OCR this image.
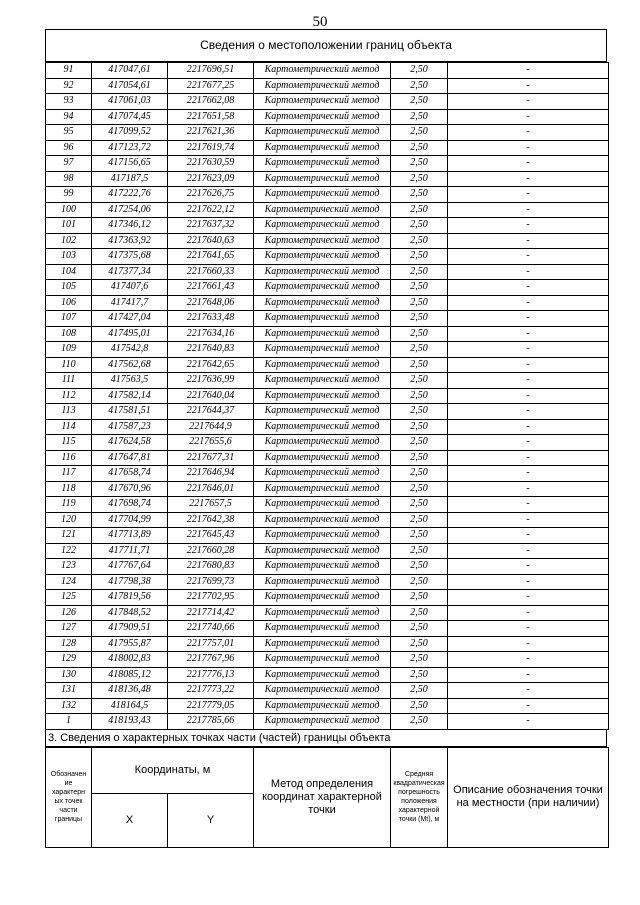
50
Сведения о местоположении границ объекта
91	417047,61	2217696,51	Картометрический метод	2,50	-
92	417054,61	2217677,25	Картометрический метод	2,50	-
93	417061,03	2217662,08	Картометрический метод	2,50	-
94	417074,45	2217651,58	Картометрический метод	2,50	-
95	417099,52	2217621,36	Картометрический метод	2,50	-
96	417123,72	2217619,74	Картометрический метод	2,50	-
97	417156,65	2217630,59	Картометрический метод	2,50	-
98	417187,5	2217623,09	Картометрический метод	2,50	-
99	417222,76	2217626,75	Картометрический метод	2,50	-
100	417254,06	2217622,12	Картометрический метод	2,50	-
101	417346,12	2217637,32	Картометрический метод	2,50	-
102	417363,92	2217640,63	Картометрический метод	2,50	-
103	417375,68	2217641,65	Картометрический метод	2,50	-
104	417377,34	2217660,33	Картометрический метод	2,50	-
105	417407,6	2217661,43	Картометрический метод	2,50	-
106	417417,7	2217648,06	Картометрический метод	2,50	-
107	417427,04	2217633,48	Картометрический метод	2,50	-
108	417495,01	2217634,16	Картометрический метод	2,50	-
109	417542,8	2217640,83	Картометрический метод	2,50	-
110	417562,68	2217642,65	Картометрический метод	2,50	-
111	417563,5	2217636,99	Картометрический метод	2,50	-
112	417582,14	2217640,04	Картометрический метод	2,50	-
113	417581,51	2217644,37	Картометрический метод	2,50	-
114	417587,23	2217644,9	Картометрический метод	2,50	-
115	417624,58	2217655,6	Картометрический метод	2,50	-
116	417647,81	2217677,31	Картометрический метод	2,50	-
117	417658,74	2217646,94	Картометрический метод	2,50	-
118	417670,96	2217646,01	Картометрический метод	2,50	-
119	417698,74	2217657,5	Картометрический метод	2,50	-
120	417704,99	2217642,38	Картометрический метод	2,50	-
121	417713,89	2217645,43	Картометрический метод	2,50	-
122	417711,71	2217660,28	Картометрический метод	2,50	-
123	417767,64	2217680,83	Картометрический метод	2,50	-
124	417798,38	2217699,73	Картометрический метод	2,50	-
125	417819,56	2217702,95	Картометрический метод	2,50	-
126	417848,52	2217714,42	Картометрический метод	2,50	-
127	417909,51	2217740,66	Картометрический метод	2,50	-
128	417955,87	2217757,01	Картометрический метод	2,50	-
129	418002,83	2217767,96	Картометрический метод	2,50	-
130	418085,12	2217776,13	Картометрический метод	2,50	-
131	418136,48	2217773,22	Картометрический метод	2,50	-
132	418164,5	2217779,05	Картометрический метод	2,50	-
1	418193,43	2217785,66	Картометрический метод	2,50	-
3. Сведения о характерных точках части (частей) границы объекта
Обозначение характерных точек части границы	Координаты, м		Метод определения координат характерной точки	Средняя квадратическая погрешность положения характерной точки (Mt), м	Описание обозначения точки на местности (при наличии)
	X	Y			
